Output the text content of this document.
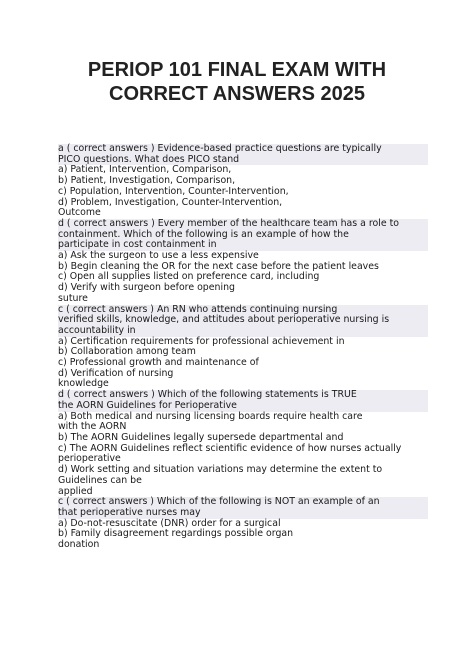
PERIOP 101 FINAL EXAM WITH
CORRECT ANSWERS 2025
a ( correct answers ) Evidence-based practice questions are typically
PICO questions. What does PICO stand
a) Patient, Intervention, Comparison,
b) Patient, Investigation, Comparison,
c) Population, Intervention, Counter-Intervention,
d) Problem, Investigation, Counter-Intervention,
Outcome
d ( correct answers ) Every member of the healthcare team has a role to
containment. Which of the following is an example of how the
participate in cost containment in
a) Ask the surgeon to use a less expensive
b) Begin cleaning the OR for the next case before the patient leaves
c) Open all supplies listed on preference card, including
d) Verify with surgeon before opening
suture
c ( correct answers ) An RN who attends continuing nursing
verified skills, knowledge, and attitudes about perioperative nursing is
accountability in
a) Certification requirements for professional achievement in
b) Collaboration among team
c) Professional growth and maintenance of
d) Verification of nursing
knowledge
d ( correct answers ) Which of the following statements is TRUE
the AORN Guidelines for Perioperative
a) Both medical and nursing licensing boards require health care
with the AORN
b) The AORN Guidelines legally supersede departmental and
c) The AORN Guidelines reflect scientific evidence of how nurses actually
perioperative
d) Work setting and situation variations may determine the extent to
Guidelines can be
applied
c ( correct answers ) Which of the following is NOT an example of an
that perioperative nurses may
a) Do-not-resuscitate (DNR) order for a surgical
b) Family disagreement regardings possible organ
donation
